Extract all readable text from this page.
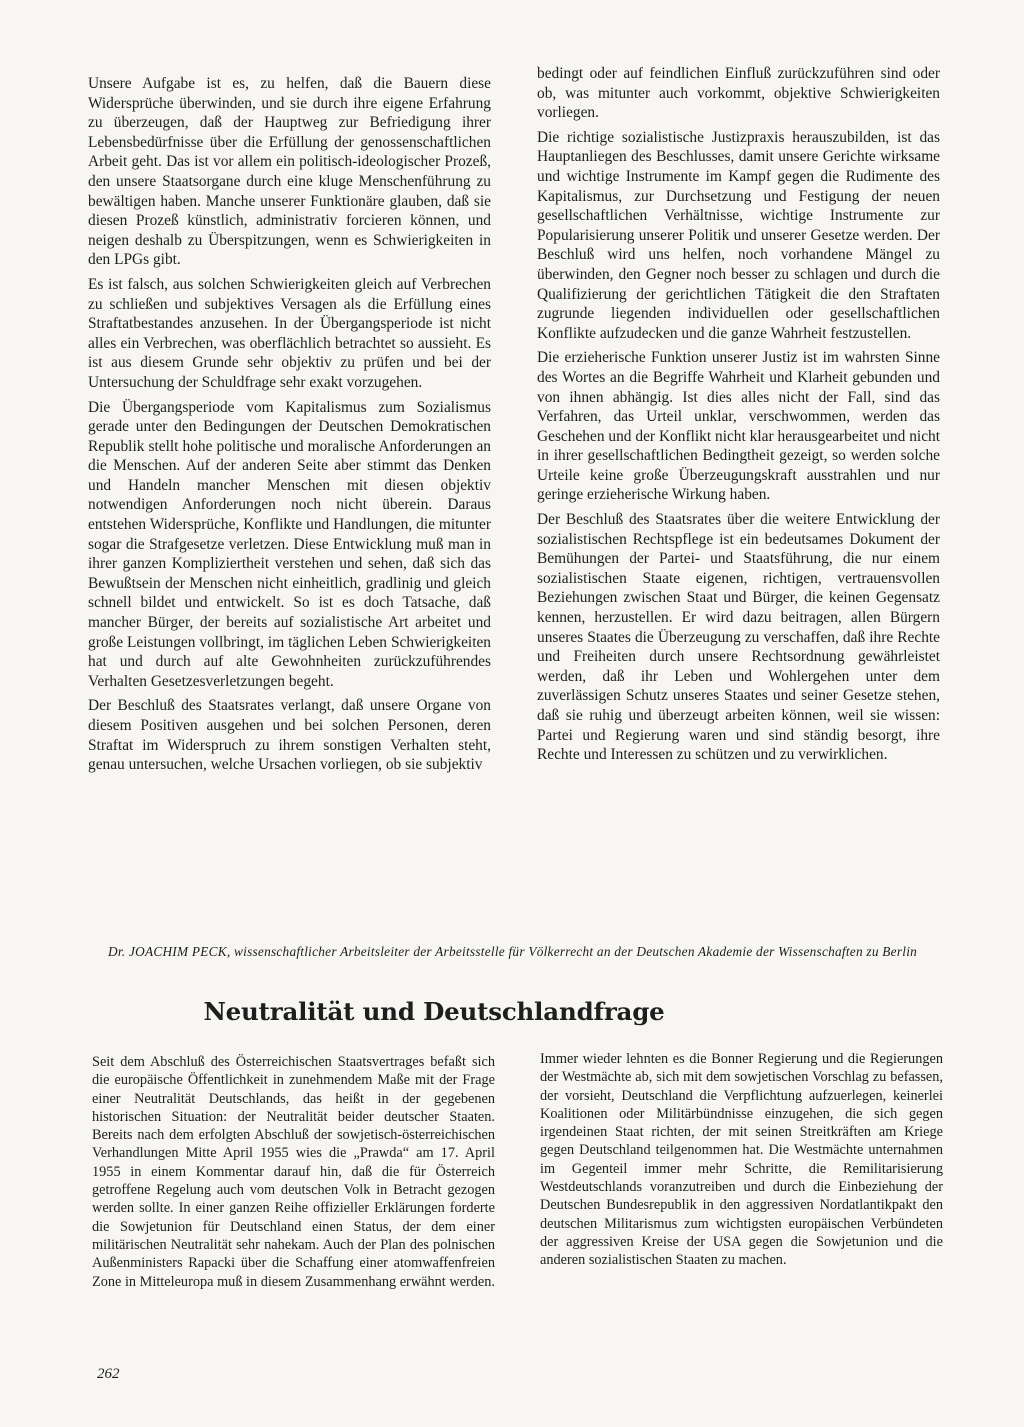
Unsere Aufgabe ist es, zu helfen, daß die Bauern diese Widersprüche überwinden, und sie durch ihre eigene Erfahrung zu überzeugen, daß der Hauptweg zur Befriedigung ihrer Lebensbedürfnisse über die Erfüllung der genossenschaftlichen Arbeit geht. Das ist vor allem ein politisch-ideologischer Prozeß, den unsere Staatsorgane durch eine kluge Menschenführung zu bewältigen haben. Manche unserer Funktionäre glauben, daß sie diesen Prozeß künstlich, administrativ forcieren können, und neigen deshalb zu Überspitzungen, wenn es Schwierigkeiten in den LPGs gibt.

Es ist falsch, aus solchen Schwierigkeiten gleich auf Verbrechen zu schließen und subjektives Versagen als die Erfüllung eines Straftatbestandes anzusehen. In der Übergangsperiode ist nicht alles ein Verbrechen, was oberflächlich betrachtet so aussieht. Es ist aus diesem Grunde sehr objektiv zu prüfen und bei der Untersuchung der Schuldfrage sehr exakt vorzugehen.

Die Übergangsperiode vom Kapitalismus zum Sozialismus gerade unter den Bedingungen der Deutschen Demokratischen Republik stellt hohe politische und moralische Anforderungen an die Menschen. Auf der anderen Seite aber stimmt das Denken und Handeln mancher Menschen mit diesen objektiv notwendigen Anforderungen noch nicht überein. Daraus entstehen Widersprüche, Konflikte und Handlungen, die mitunter sogar die Strafgesetze verletzen. Diese Entwicklung muß man in ihrer ganzen Kompliziertheit verstehen und sehen, daß sich das Bewußtsein der Menschen nicht einheitlich, gradlinig und gleich schnell bildet und entwickelt. So ist es doch Tatsache, daß mancher Bürger, der bereits auf sozialistische Art arbeitet und große Leistungen vollbringt, im täglichen Leben Schwierigkeiten hat und durch auf alte Gewohnheiten zurückzuführendes Verhalten Gesetzesverletzungen begeht.

Der Beschluß des Staatsrates verlangt, daß unsere Organe von diesem Positiven ausgehen und bei solchen Personen, deren Straftat im Widerspruch zu ihrem sonstigen Verhalten steht, genau untersuchen, welche Ursachen vorliegen, ob sie subjektiv

bedingt oder auf feindlichen Einfluß zurückzuführen sind oder ob, was mitunter auch vorkommt, objektive Schwierigkeiten vorliegen.

Die richtige sozialistische Justizpraxis herauszubilden, ist das Hauptanliegen des Beschlusses, damit unsere Gerichte wirksame und wichtige Instrumente im Kampf gegen die Rudimente des Kapitalismus, zur Durchsetzung und Festigung der neuen gesellschaftlichen Verhältnisse, wichtige Instrumente zur Popularisierung unserer Politik und unserer Gesetze werden. Der Beschluß wird uns helfen, noch vorhandene Mängel zu überwinden, den Gegner noch besser zu schlagen und durch die Qualifizierung der gerichtlichen Tätigkeit die den Straftaten zugrunde liegenden individuellen oder gesellschaftlichen Konflikte aufzudecken und die ganze Wahrheit festzustellen.

Die erzieherische Funktion unserer Justiz ist im wahrsten Sinne des Wortes an die Begriffe Wahrheit und Klarheit gebunden und von ihnen abhängig. Ist dies alles nicht der Fall, sind das Verfahren, das Urteil unklar, verschwommen, werden das Geschehen und der Konflikt nicht klar herausgearbeitet und nicht in ihrer gesellschaftlichen Bedingtheit gezeigt, so werden solche Urteile keine große Überzeugungskraft ausstrahlen und nur geringe erzieherische Wirkung haben.

Der Beschluß des Staatsrates über die weitere Entwicklung der sozialistischen Rechtspflege ist ein bedeutsames Dokument der Bemühungen der Partei- und Staatsführung, die nur einem sozialistischen Staate eigenen, richtigen, vertrauensvollen Beziehungen zwischen Staat und Bürger, die keinen Gegensatz kennen, herzustellen. Er wird dazu beitragen, allen Bürgern unseres Staates die Überzeugung zu verschaffen, daß ihre Rechte und Freiheiten durch unsere Rechtsordnung gewährleistet werden, daß ihr Leben und Wohlergehen unter dem zuverlässigen Schutz unseres Staates und seiner Gesetze stehen, daß sie ruhig und überzeugt arbeiten können, weil sie wissen: Partei und Regierung waren und sind ständig besorgt, ihre Rechte und Interessen zu schützen und zu verwirklichen.

Dr. JOACHIM PECK, wissenschaftlicher Arbeitsleiter der Arbeitsstelle für Völkerrecht an der Deutschen Akademie der Wissenschaften zu Berlin

Neutralität und Deutschlandfrage

Seit dem Abschluß des Österreichischen Staatsvertrages befaßt sich die europäische Öffentlichkeit in zunehmendem Maße mit der Frage einer Neutralität Deutschlands, das heißt in der gegebenen historischen Situation: der Neutralität beider deutscher Staaten. Bereits nach dem erfolgten Abschluß der sowjetisch-österreichischen Verhandlungen Mitte April 1955 wies die „Prawda“ am 17. April 1955 in einem Kommentar darauf hin, daß die für Österreich getroffene Regelung auch vom deutschen Volk in Betracht gezogen werden sollte. In einer ganzen Reihe offizieller Erklärungen forderte die Sowjetunion für Deutschland einen Status, der dem einer militärischen Neutralität sehr nahekam. Auch der Plan des polnischen Außenministers Rapacki über die Schaffung einer atomwaffenfreien Zone in Mitteleuropa muß in diesem Zusammenhang erwähnt werden.

Immer wieder lehnten es die Bonner Regierung und die Regierungen der Westmächte ab, sich mit dem sowjetischen Vorschlag zu befassen, der vorsieht, Deutschland die Verpflichtung aufzuerlegen, keinerlei Koalitionen oder Militärbündnisse einzugehen, die sich gegen irgendeinen Staat richten, der mit seinen Streitkräften am Kriege gegen Deutschland teilgenommen hat. Die Westmächte unternahmen im Gegenteil immer mehr Schritte, die Remilitarisierung Westdeutschlands voranzutreiben und durch die Einbeziehung der Deutschen Bundesrepublik in den aggressiven Nordatlantikpakt den deutschen Militarismus zum wichtigsten europäischen Verbündeten der aggressiven Kreise der USA gegen die Sowjetunion und die anderen sozialistischen Staaten zu machen.

262
